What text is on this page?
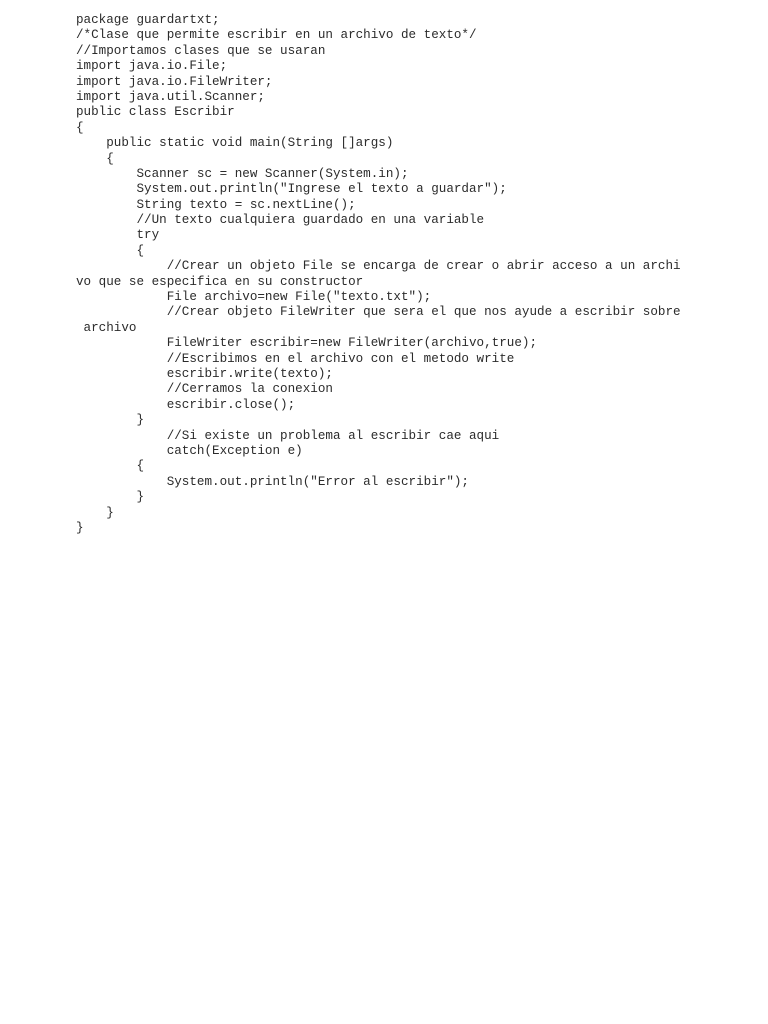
package guardartxt;
/*Clase que permite escribir en un archivo de texto*/
//Importamos clases que se usaran
import java.io.File;
import java.io.FileWriter;
import java.util.Scanner;
public class Escribir
{
public static void main(String []args)
{
Scanner sc = new Scanner(System.in);
System.out.println("Ingrese el texto a guardar");
String texto = sc.nextLine();
//Un texto cualquiera guardado en una variable
try
{
//Crear un objeto File se encarga de crear o abrir acceso a un archi
vo que se especifica en su constructor
File archivo=new File("texto.txt");
//Crear objeto FileWriter que sera el que nos ayude a escribir sobre
archivo
FileWriter escribir=new FileWriter(archivo,true);
//Escribimos en el archivo con el metodo write
escribir.write(texto);
//Cerramos la conexion
escribir.close();
}
//Si existe un problema al escribir cae aqui
catch(Exception e)
{
System.out.println("Error al escribir");
}
}
}
